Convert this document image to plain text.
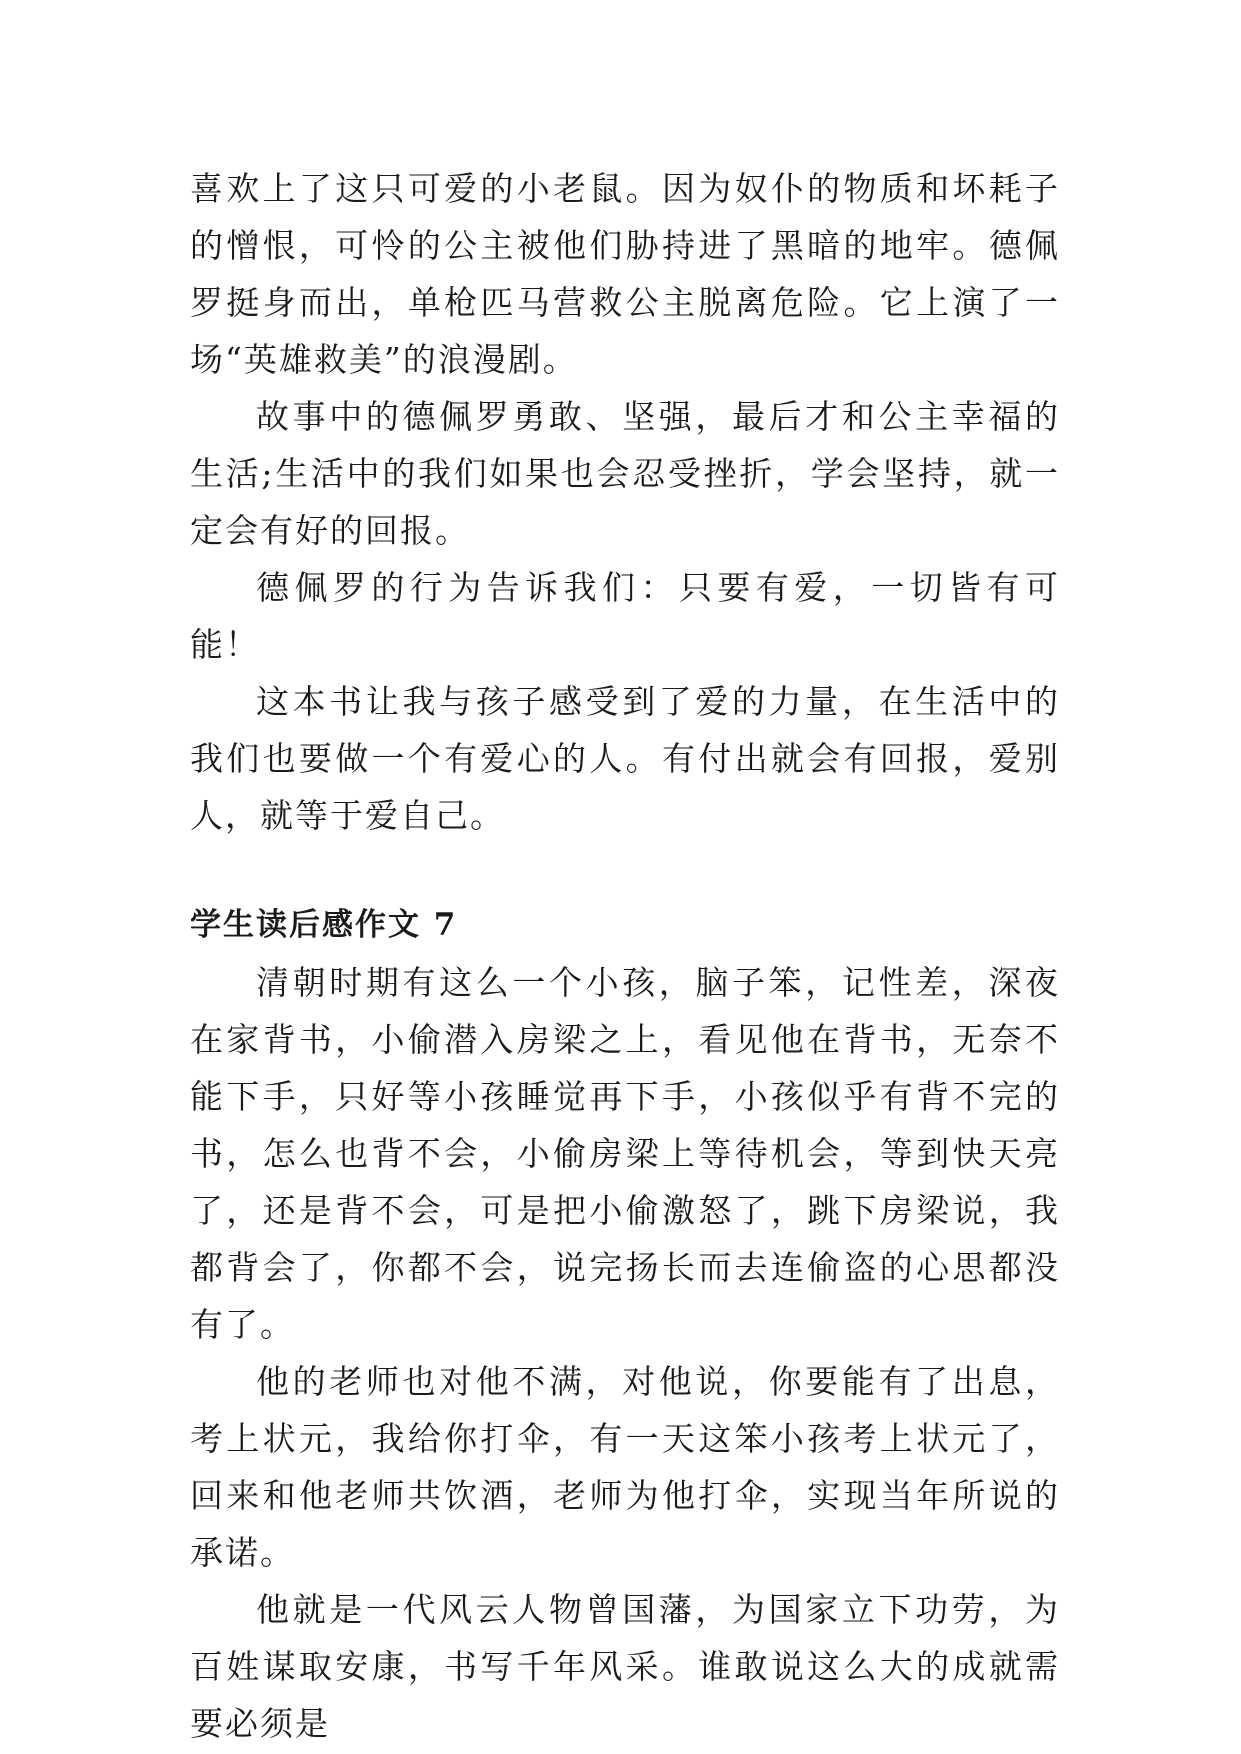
喜欢上了这只可爱的小老鼠。因为奴仆的物质和坏耗子的憎恨，可怜的公主被他们胁持进了黑暗的地牢。德佩罗挺身而出，单枪匹马营救公主脱离危险。它上演了一场“英雄救美”的浪漫剧。

故事中的德佩罗勇敢、坚强，最后才和公主幸福的生活;生活中的我们如果也会忍受挫折，学会坚持，就一定会有好的回报。

德佩罗的行为告诉我们：只要有爱，一切皆有可能！

这本书让我与孩子感受到了爱的力量，在生活中的我们也要做一个有爱心的人。有付出就会有回报，爱别人，就等于爱自己。

学生读后感作文 7

清朝时期有这么一个小孩，脑子笨，记性差，深夜在家背书，小偷潜入房梁之上，看见他在背书，无奈不能下手，只好等小孩睡觉再下手，小孩似乎有背不完的书，怎么也背不会，小偷房梁上等待机会，等到快天亮了，还是背不会，可是把小偷激怒了，跳下房梁说，我都背会了，你都不会，说完扬长而去连偷盗的心思都没有了。

他的老师也对他不满，对他说，你要能有了出息，考上状元，我给你打伞，有一天这笨小孩考上状元了，回来和他老师共饮酒，老师为他打伞，实现当年所说的承诺。

他就是一代风云人物曾国藩，为国家立下功劳，为百姓谋取安康，书写千年风采。谁敢说这么大的成就需要必须是
